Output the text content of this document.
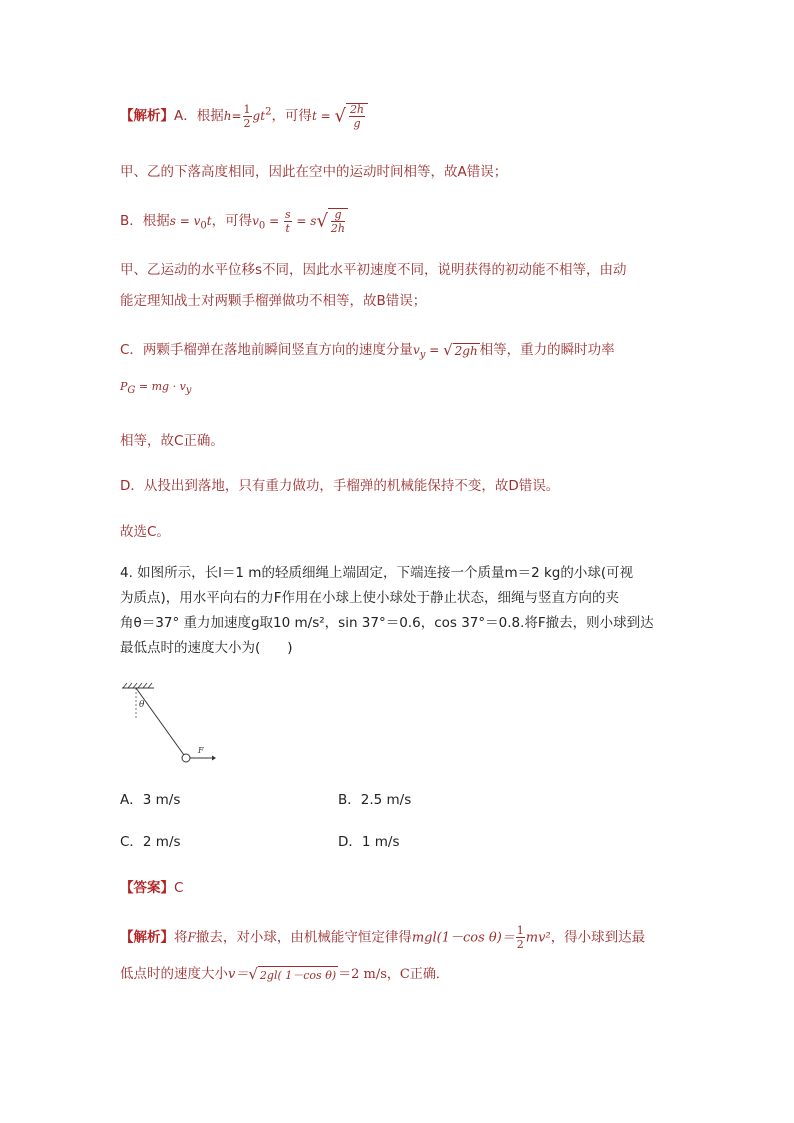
【解析】A．根据$h= \frac{1}{2} gt^2$，可得t = √ $\frac{2h}{g}$
甲、乙的下落高度相同，因此在空中的运动时间相等，故A错误；
B．根据$s = v_0t$，可得$v_0 = \frac{s}{t} = s√ \frac{g}{2h}$
甲、乙运动的水平位移s不同，因此水平初速度不同，说明获得的初动能不相等，由动
能定理知战士对两颗手榴弹做功不相等，故B错误；
C．两颗手榴弹在落地前瞬间竖直方向的速度分量$v_y$ = √ 2gh 相等，重力的瞬时功率
$P_G$ = mg · $v_y$
相等，故C正确。
D．从投出到落地，只有重力做功，手榴弹的机械能保持不变，故D错误。
故选C。
4. 如图所示，长l＝1 m的轻质细绳上端固定，下端连接一个质量m＝2 kg的小球(可视
为质点)，用水平向右的力F作用在小球上使小球处于静止状态，细绳与竖直方向的夹
角θ＝37° 重力加速度g取10 m/s²，sin 37°＝0.6，cos 37°＝0.8.将F撤去，则小球到达
最低点时的速度大小为(　　)
θ
F
A．3 m/s	B．2.5 m/s
C．2 m/s	D．1 m/s
【答案】C
【解析】将F撤去，对小球，由机械能守恒定律得mgl(1－cos $\theta)= \frac{1}{2} mv^2$，得小球到达最
低点时的速度大小v＝√ 2gl( 1－cos θ) ＝2 m/s，C正确．
